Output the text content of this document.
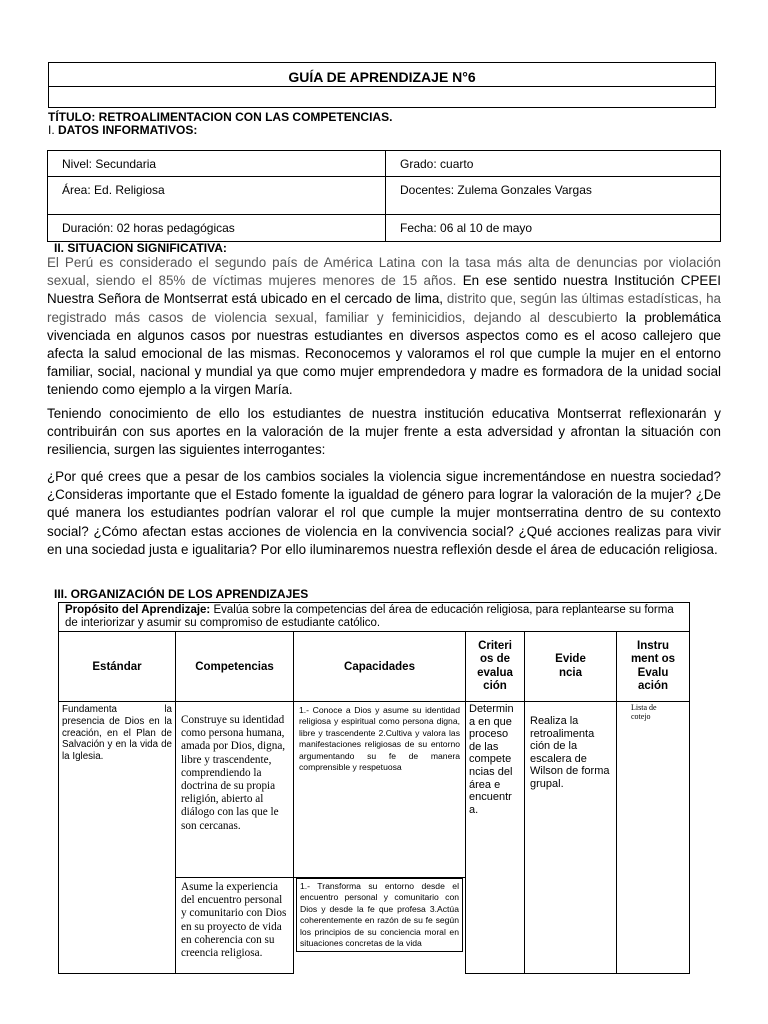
GUÍA DE APRENDIZAJE N°6
TÍTULO: RETROALIMENTACION CON LAS COMPETENCIAS.
I. DATOS INFORMATIVOS:
Nivel: Secundaria	Grado: cuarto
Área: Ed. Religiosa	Docentes: Zulema Gonzales Vargas
Duración: 02 horas pedagógicas	Fecha: 06 al 10 de mayo
II. SITUACION SIGNIFICATIVA:
El Perú es considerado el segundo país de América Latina con la tasa más alta de denuncias por violación sexual, siendo el 85% de víctimas mujeres menores de 15 años. En ese sentido nuestra Institución CPEEI Nuestra Señora de Montserrat está ubicado en el cercado de lima, distrito que, según las últimas estadísticas, ha registrado más casos de violencia sexual, familiar y feminicidios, dejando al descubierto la problemática vivenciada en algunos casos por nuestras estudiantes en diversos aspectos como es el acoso callejero que afecta la salud emocional de las mismas. Reconocemos y valoramos el rol que cumple la mujer en el entorno familiar, social, nacional y mundial ya que como mujer emprendedora y madre es formadora de la unidad social teniendo como ejemplo a la virgen María.
Teniendo conocimiento de ello los estudiantes de nuestra institución educativa Montserrat reflexionarán y contribuirán con sus aportes en la valoración de la mujer frente a esta adversidad y afrontan la situación con resiliencia, surgen las siguientes interrogantes:
¿Por qué crees que a pesar de los cambios sociales la violencia sigue incrementándose en nuestra sociedad? ¿Consideras importante que el Estado fomente la igualdad de género para lograr la valoración de la mujer? ¿De qué manera los estudiantes podrían valorar el rol que cumple la mujer montserratina dentro de su contexto social? ¿Cómo afectan estas acciones de violencia en la convivencia social? ¿Qué acciones realizas para vivir en una sociedad justa e igualitaria? Por ello iluminaremos nuestra reflexión desde el área de educación religiosa.
III. ORGANIZACIÓN DE LOS APRENDIZAJES
Propósito del Aprendizaje: Evalúa sobre la competencias del área de educación religiosa, para replantearse su forma de interiorizar y asumir su compromiso de estudiante católico.					
Estándar	Competencias	Capacidades	Criteri os de evalua ción	Evide ncia	Instru ment os Evalu ación
Fundamenta la presencia de Dios en la creación, en el Plan de Salvación y en la vida de la Iglesia.	Construye su identidad como persona humana, amada por Dios, digna, libre y trascendente, comprendiendo la doctrina de su propia religión, abierto al diálogo con las que le son cercanas.	1.- Conoce a Dios y asume su identidad religiosa y espiritual como persona digna, libre y trascendente 2.Cultiva y valora las manifestaciones religiosas de su entorno argumentando su fe de manera comprensible y respetuosa	Determin a en que proceso de las compete ncias del área e encuentr a.	Realiza la retroalimenta ción de la escalera de Wilson de forma grupal.	Lista de cotejo

	Asume la experiencia del encuentro personal y comunitario con Dios en su proyecto de vida en coherencia con su creencia religiosa.	1.- Transforma su entorno desde el encuentro personal y comunitario con Dios y desde la fe que profesa 3.Actúa coherentemente en razón de su fe según los principios de su conciencia moral en situaciones concretas de la vida			
